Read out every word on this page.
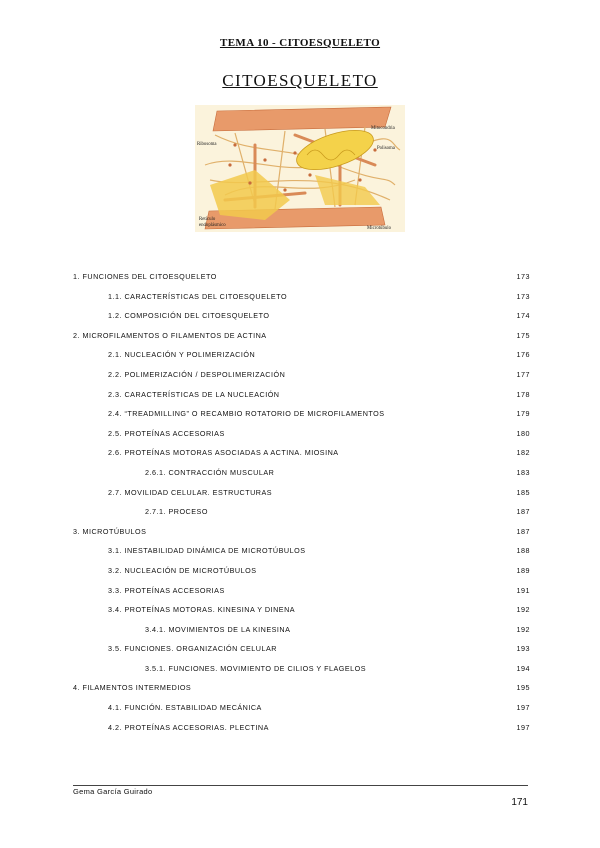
TEMA 10 - CITOESQUELETO
CITOESQUELETO
Ribosoma
Mitocondria
Polisoma
Retículo
endoplásmico
Microtúbulo
1. FUNCIONES DEL CITOESQUELETO	173
1.1. CARACTERÍSTICAS DEL CITOESQUELETO	173
1.2. COMPOSICIÓN DEL CITOESQUELETO	174
2. MICROFILAMENTOS O FILAMENTOS DE ACTINA	175
2.1. NUCLEACIÓN Y POLIMERIZACIÓN	176
2.2. POLIMERIZACIÓN / DESPOLIMERIZACIÓN	177
2.3. CARACTERÍSTICAS DE LA NUCLEACIÓN	178
2.4. “TREADMILLING” O RECAMBIO ROTATORIO DE MICROFILAMENTOS	179
2.5. PROTEÍNAS ACCESORIAS	180
2.6. PROTEÍNAS MOTORAS ASOCIADAS A ACTINA. MIOSINA	182
2.6.1. CONTRACCIÓN MUSCULAR	183
2.7. MOVILIDAD CELULAR. ESTRUCTURAS	185
2.7.1. PROCESO	187
3. MICROTÚBULOS	187
3.1. INESTABILIDAD DINÁMICA DE MICROTÚBULOS	188
3.2. NUCLEACIÓN DE MICROTÚBULOS	189
3.3. PROTEÍNAS ACCESORIAS	191
3.4. PROTEÍNAS MOTORAS. KINESINA Y DINENA	192
3.4.1. MOVIMIENTOS DE LA KINESINA	192
3.5. FUNCIONES. ORGANIZACIÓN CELULAR	193
3.5.1. FUNCIONES. MOVIMIENTO DE CILIOS Y FLAGELOS	194
4. FILAMENTOS INTERMEDIOS	195
4.1. FUNCIÓN. ESTABILIDAD MECÁNICA	197
4.2. PROTEÍNAS ACCESORIAS. PLECTINA	197
Gema García Guirado
171
